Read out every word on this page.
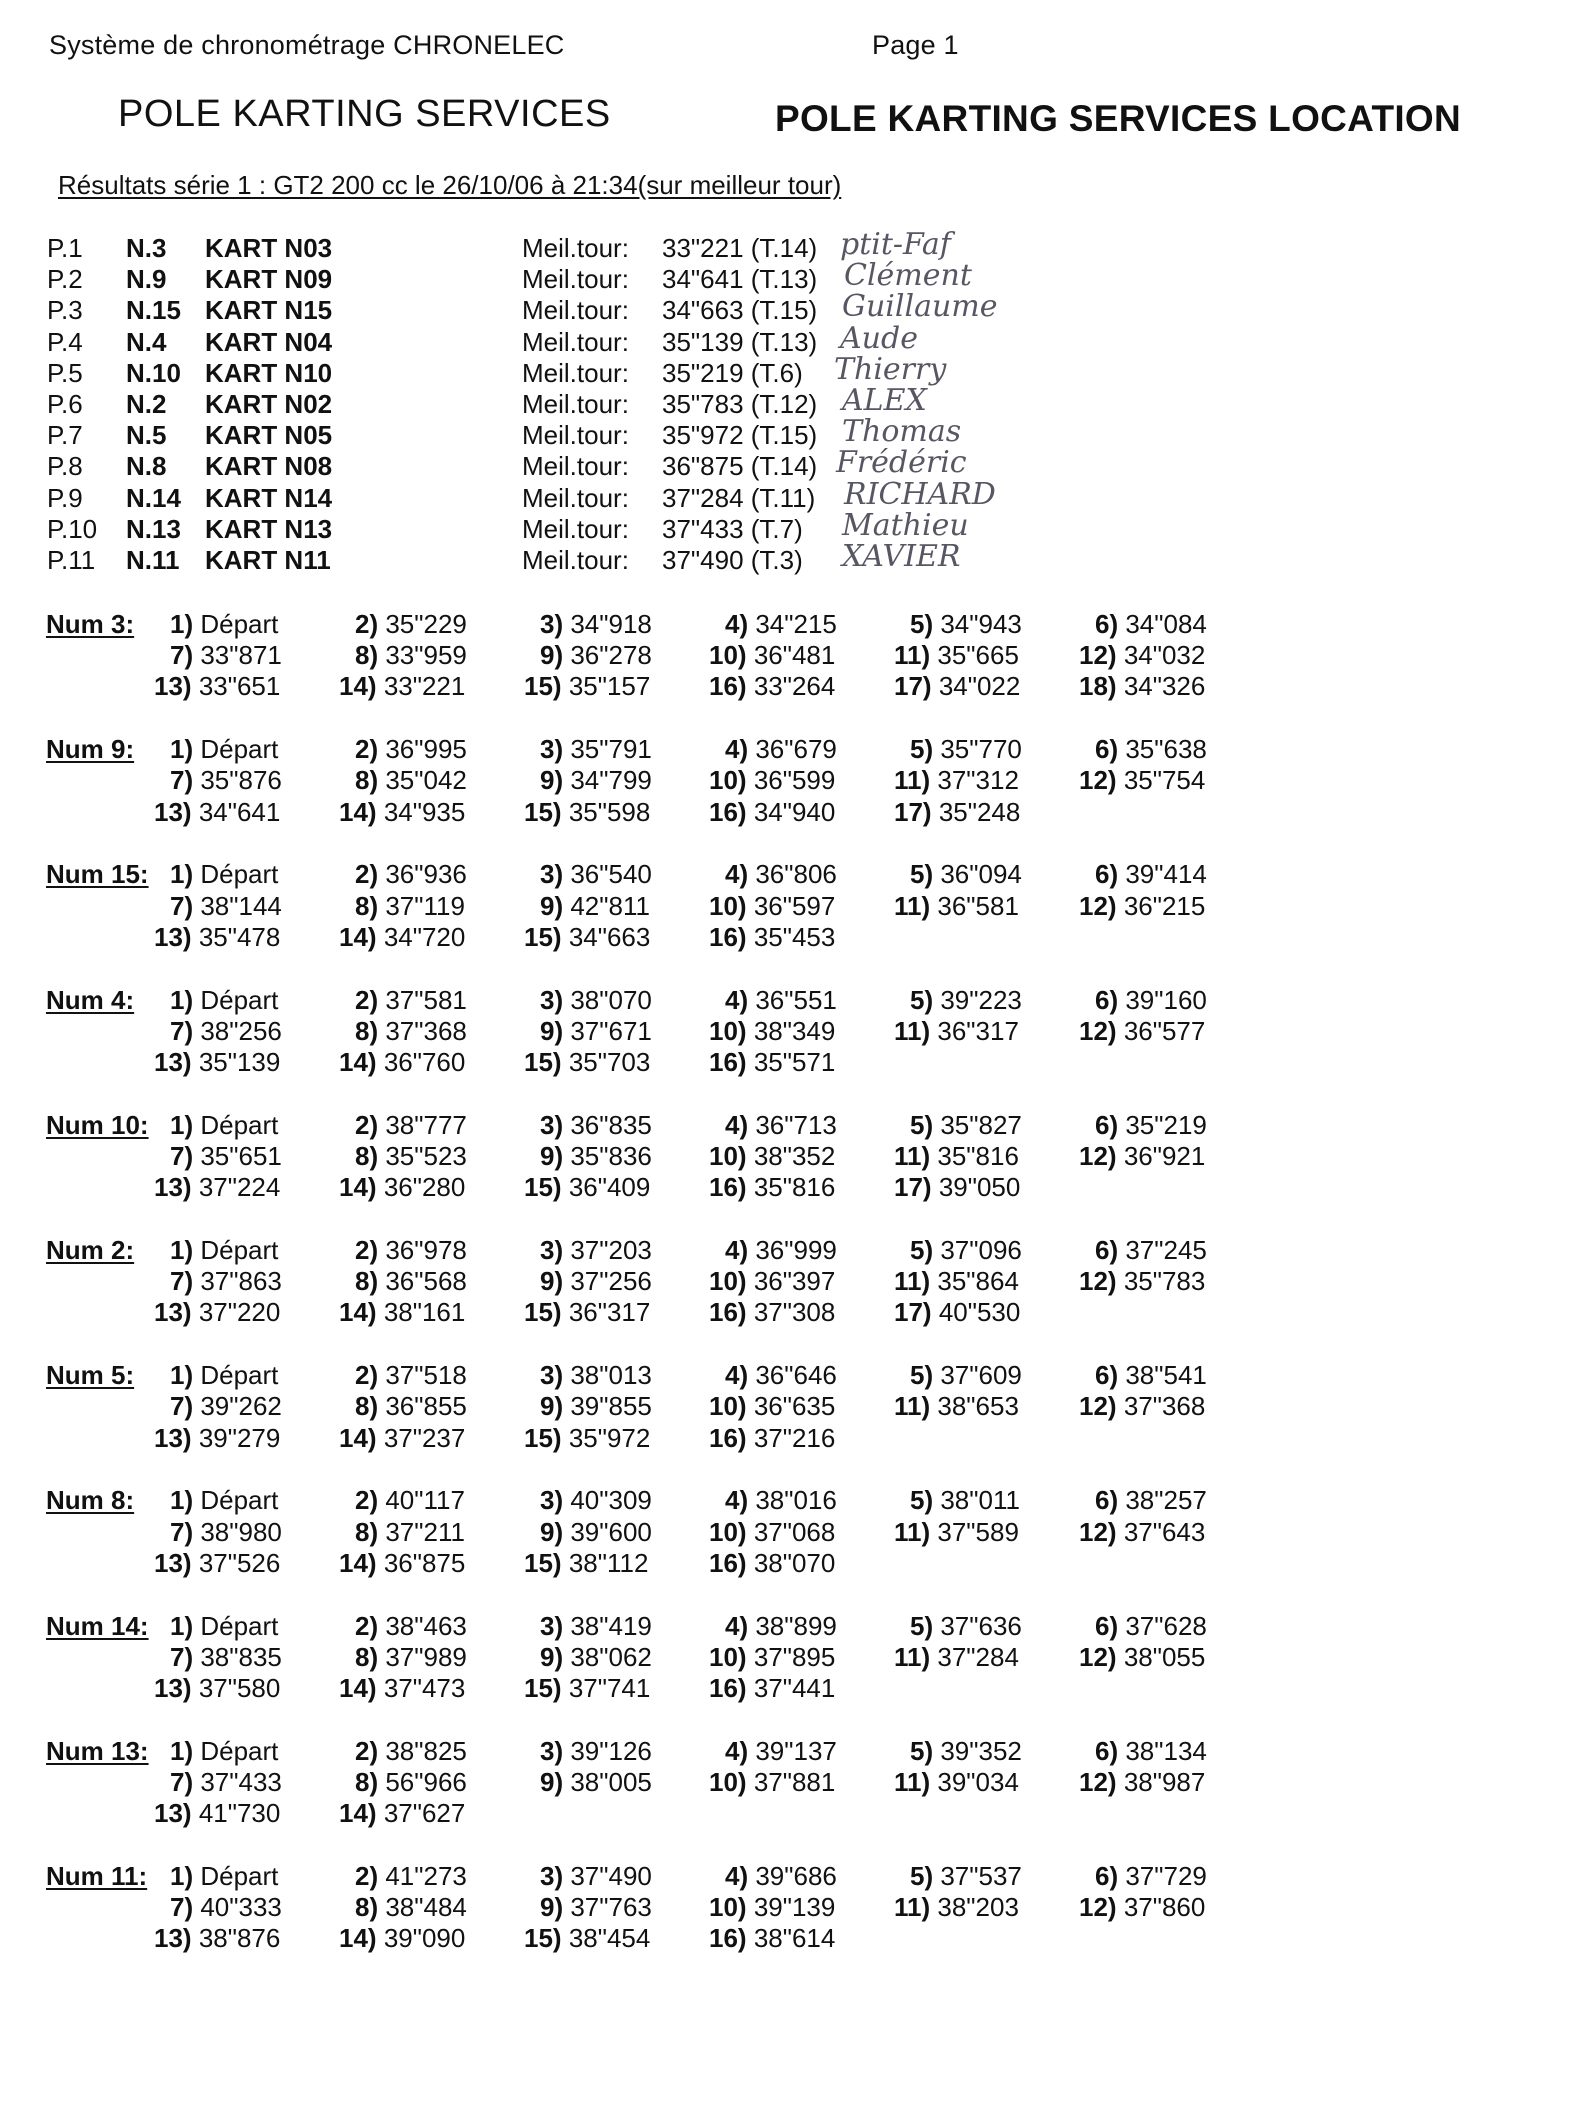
Système de chronométrage CHRONELEC	Page 1
POLE KARTING SERVICES	POLE KARTING SERVICES LOCATION
Résultats série 1 : GT2 200 cc le 26/10/06 à 21:34(sur meilleur tour)
P.1 N.3 KART N03	Meil.tour: 33"221 (T.14) ptit-Faf
P.2 N.9 KART N09	Meil.tour: 34"641 (T.13) Clément
P.3 N.15 KART N15	Meil.tour: 34"663 (T.15) Guillaume
P.4 N.4 KART N04	Meil.tour: 35"139 (T.13) Aude
P.5 N.10 KART N10	Meil.tour: 35"219 (T.6) Thierry
P.6 N.2 KART N02	Meil.tour: 35"783 (T.12) ALEX
P.7 N.5 KART N05	Meil.tour: 35"972 (T.15) Thomas
P.8 N.8 KART N08	Meil.tour: 36"875 (T.14) Frédéric
P.9 N.14 KART N14	Meil.tour: 37"284 (T.11) RICHARD
P.10 N.13 KART N13	Meil.tour: 37"433 (T.7) Mathieu
P.11 N.11 KART N11	Meil.tour: 37"490 (T.3) XAVIER
Num 3: 1) Départ	2) 35"229	3) 34"918	4) 34"215	5) 34"943	6) 34"084
7) 33"871	8) 33"959	9) 36"278 10) 36"481 11) 35"665 12) 34"032
13) 33"651 14) 33"221 15) 35"157 16) 33"264 17) 34"022 18) 34"326
Num 9: 1) Départ	2) 36"995	3) 35"791	4) 36"679	5) 35"770	6) 35"638
7) 35"876	8) 35"042	9) 34"799 10) 36"599 11) 37"312 12) 35"754
13) 34"641 14) 34"935 15) 35"598 16) 34"940 17) 35"248
Num 15: 1) Départ	2) 36"936	3) 36"540	4) 36"806	5) 36"094	6) 39"414
7) 38"144	8) 37"119	9) 42"811 10) 36"597 11) 36"581 12) 36"215
13) 35"478 14) 34"720 15) 34"663 16) 35"453
Num 4: 1) Départ	2) 37"581	3) 38"070	4) 36"551	5) 39"223	6) 39"160
7) 38"256	8) 37"368	9) 37"671 10) 38"349 11) 36"317 12) 36"577
13) 35"139 14) 36"760 15) 35"703 16) 35"571
Num 10: 1) Départ	2) 38"777	3) 36"835	4) 36"713	5) 35"827	6) 35"219
7) 35"651	8) 35"523	9) 35"836 10) 38"352 11) 35"816 12) 36"921
13) 37"224 14) 36"280 15) 36"409 16) 35"816 17) 39"050
Num 2: 1) Départ	2) 36"978	3) 37"203	4) 36"999	5) 37"096	6) 37"245
7) 37"863	8) 36"568	9) 37"256 10) 36"397 11) 35"864 12) 35"783
13) 37"220 14) 38"161 15) 36"317 16) 37"308 17) 40"530
Num 5: 1) Départ	2) 37"518	3) 38"013	4) 36"646	5) 37"609	6) 38"541
7) 39"262	8) 36"855	9) 39"855 10) 36"635 11) 38"653 12) 37"368
13) 39"279 14) 37"237 15) 35"972 16) 37"216
Num 8: 1) Départ	2) 40"117	3) 40"309	4) 38"016	5) 38"011	6) 38"257
7) 38"980	8) 37"211	9) 39"600 10) 37"068 11) 37"589 12) 37"643
13) 37"526 14) 36"875 15) 38"112 16) 38"070
Num 14: 1) Départ	2) 38"463	3) 38"419	4) 38"899	5) 37"636	6) 37"628
7) 38"835	8) 37"989	9) 38"062 10) 37"895 11) 37"284 12) 38"055
13) 37"580 14) 37"473 15) 37"741 16) 37"441
Num 13: 1) Départ	2) 38"825	3) 39"126	4) 39"137	5) 39"352	6) 38"134
7) 37"433	8) 56"966	9) 38"005 10) 37"881 11) 39"034 12) 38"987
13) 41"730 14) 37"627
Num 11: 1) Départ	2) 41"273	3) 37"490	4) 39"686	5) 37"537	6) 37"729
7) 40"333	8) 38"484	9) 37"763 10) 39"139 11) 38"203 12) 37"860
13) 38"876 14) 39"090 15) 38"454 16) 38"614
